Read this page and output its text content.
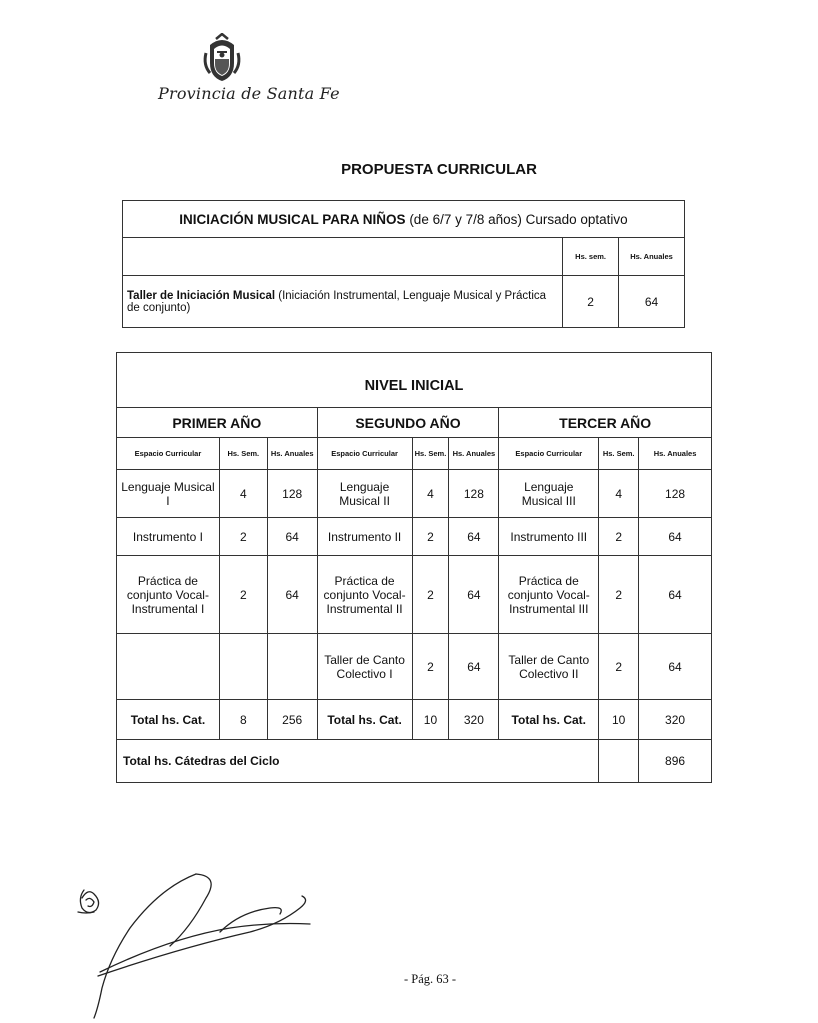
Provincia de Santa Fe
PROPUESTA CURRICULAR
INICIACIÓN MUSICAL PARA NIÑOS (de 6/7 y 7/8 años) Cursado optativo		
	Hs. sem.	Hs. Anuales
Taller de Iniciación Musical (Iniciación Instrumental, Lenguaje Musical y Práctica de conjunto)	2	64
NIVEL INICIAL								
PRIMER AÑO			SEGUNDO AÑO			TERCER AÑO		
Espacio Curricular	Hs. Sem.	Hs. Anuales	Espacio Curricular	Hs. Sem.	Hs. Anuales	Espacio Curricular	Hs. Sem.	Hs. Anuales
Lenguaje Musical I	4	128	Lenguaje Musical II	4	128	Lenguaje Musical III	4	128
Instrumento I	2	64	Instrumento II	2	64	Instrumento III	2	64
Práctica de conjunto Vocal-Instrumental I	2	64	Práctica de conjunto Vocal-Instrumental II	2	64	Práctica de conjunto Vocal-Instrumental III	2	64
			Taller de Canto Colectivo I	2	64	Taller de Canto Colectivo II	2	64
Total hs. Cat.	8	256	Total hs. Cat.	10	320	Total hs. Cat.	10	320
Total hs. Cátedras del Ciclo								896
- Pág. 63 -
